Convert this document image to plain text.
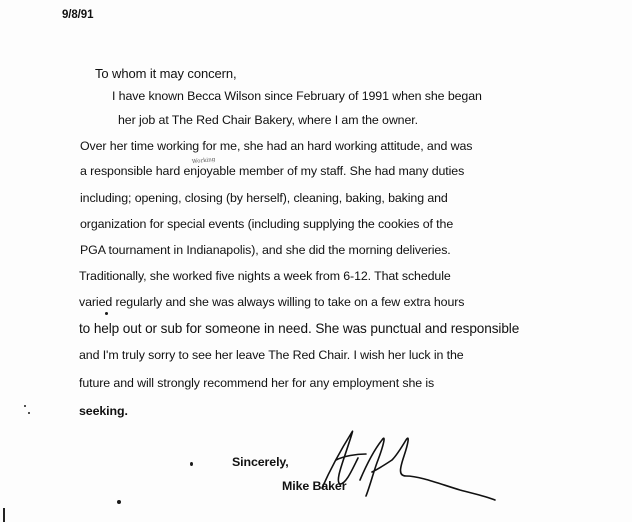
9/8/91
To whom it may concern,
I have known Becca Wilson since February of 1991 when she began
her job at The Red Chair Bakery, where I am the owner.
Over her time working for me, she had an hard working attitude, and was
Working
a responsible hard enjoyable member of my staff. She had many duties
including; opening, closing (by herself), cleaning, baking, baking and
organization for special events (including supplying the cookies of the
PGA tournament in Indianapolis), and she did the morning deliveries.
Traditionally, she worked five nights a week from 6-12. That schedule
varied regularly and she was always willing to take on a few extra hours
to help out or sub for someone in need. She was punctual and responsible
and I'm truly sorry to see her leave The Red Chair. I wish her luck in the
future and will strongly recommend her for any employment she is
seeking.
Sincerely,
Mike Baker
